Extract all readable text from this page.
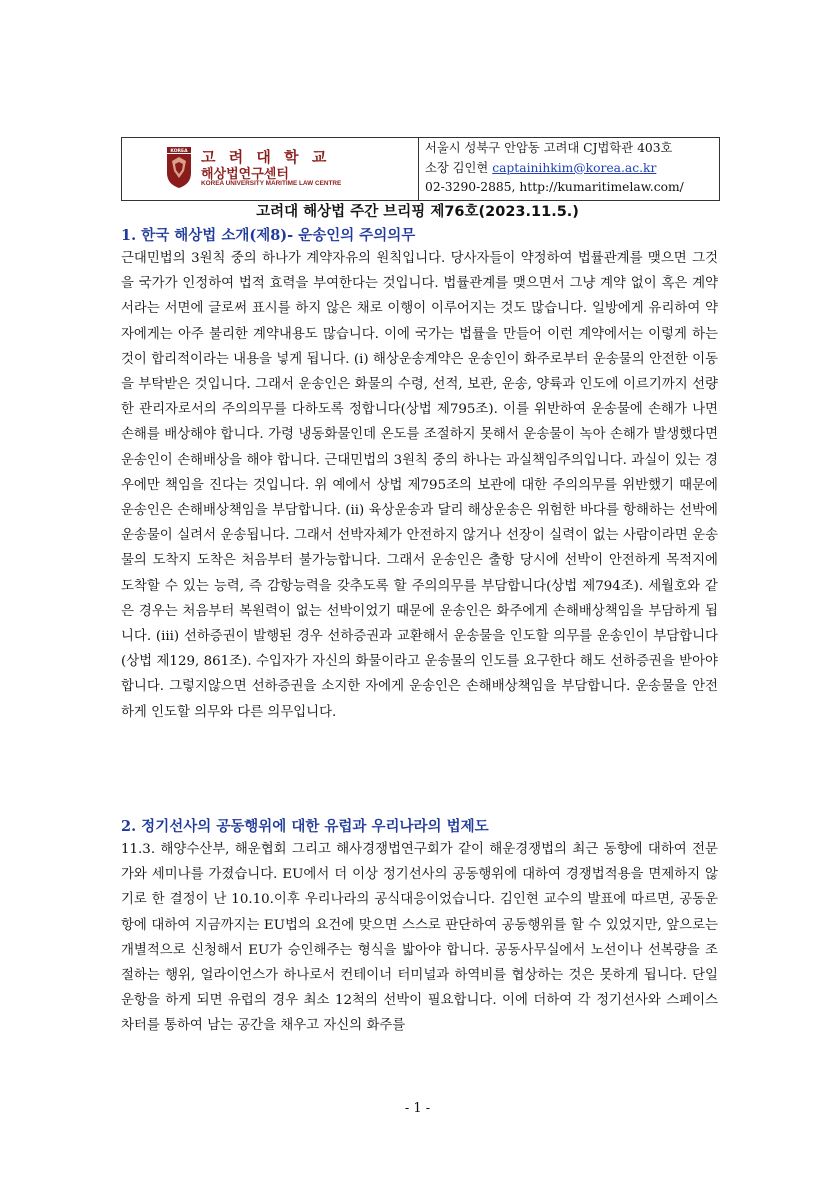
KOREA 고 려 대 학 교

해상법연구센터

KOREA UNIVERSITY MARITIME LAW CENTRE

서울시 성북구 안암동 고려대 CJ법학관 403호
소장 김인현 captainihkim@korea.ac.kr
02-3290-2885, http://kumaritimelaw.com/
고려대 해상법 주간 브리핑 제76호(2023.11.5.)
1. 한국 해상법 소개(제8)- 운송인의 주의의무

근대민법의 3원칙 중의 하나가 계약자유의 원칙입니다. 당사자들이 약정하여 법률관계를 맺으면 그것을 국가가 인정하여 법적 효력을 부여한다는 것입니다. 법률관계를 맺으면서 그냥 계약 없이 혹은 계약서라는 서면에 글로써 표시를 하지 않은 채로 이행이 이루어지는 것도 많습니다. 일방에게 유리하여 약자에게는 아주 불리한 계약내용도 많습니다. 이에 국가는 법률을 만들어 이런 계약에서는 이렇게 하는 것이 합리적이라는 내용을 넣게 됩니다. (i) 해상운송계약은 운송인이 화주로부터 운송물의 안전한 이동을 부탁받은 것입니다. 그래서 운송인은 화물의 수령, 선적, 보관, 운송, 양륙과 인도에 이르기까지 선량한 관리자로서의 주의의무를 다하도록 정합니다(상법 제795조). 이를 위반하여 운송물에 손해가 나면 손해를 배상해야 합니다. 가령 냉동화물인데 온도를 조절하지 못해서 운송물이 녹아 손해가 발생했다면 운송인이 손해배상을 해야 합니다. 근대민법의 3원칙 중의 하나는 과실책임주의입니다. 과실이 있는 경우에만 책임을 진다는 것입니다. 위 예에서 상법 제795조의 보관에 대한 주의의무를 위반했기 때문에 운송인은 손해배상책임을 부담합니다. (ii) 육상운송과 달리 해상운송은 위험한 바다를 항해하는 선박에 운송물이 실려서 운송됩니다. 그래서 선박자체가 안전하지 않거나 선장이 실력이 없는 사람이라면 운송물의 도착지 도착은 처음부터 불가능합니다. 그래서 운송인은 출항 당시에 선박이 안전하게 목적지에 도착할 수 있는 능력, 즉 감항능력을 갖추도록 할 주의의무를 부담합니다(상법 제794조). 세월호와 같은 경우는 처음부터 복원력이 없는 선박이었기 때문에 운송인은 화주에게 손해배상책임을 부담하게 됩니다. (iii) 선하증권이 발행된 경우 선하증권과 교환해서 운송물을 인도할 의무를 운송인이 부담합니다(상법 제129, 861조). 수입자가 자신의 화물이라고 운송물의 인도를 요구한다 해도 선하증권을 받아야 합니다. 그렇지않으면 선하증권을 소지한 자에게 운송인은 손해배상책임을 부담합니다. 운송물을 안전하게 인도할 의무와 다른 의무입니다.

2. 정기선사의 공동행위에 대한 유럽과 우리나라의 법제도

11.3. 해양수산부, 해운협회 그리고 해사경쟁법연구회가 같이 해운경쟁법의 최근 동향에 대하여 전문가와 세미나를 가졌습니다. EU에서 더 이상 정기선사의 공동행위에 대하여 경쟁법적용을 면제하지 않기로 한 결정이 난 10.10.이후 우리나라의 공식대응이었습니다. 김인현 교수의 발표에 따르면, 공동운항에 대하여 지금까지는 EU법의 요건에 맞으면 스스로 판단하여 공동행위를 할 수 있었지만, 앞으로는 개별적으로 신청해서 EU가 승인해주는 형식을 밟아야 합니다. 공동사무실에서 노선이나 선복량을 조절하는 행위, 얼라이언스가 하나로서 컨테이너 터미널과 하역비를 협상하는 것은 못하게 됩니다. 단일운항을 하게 되면 유럽의 경우 최소 12척의 선박이 필요합니다. 이에 더하여 각 정기선사와 스페이스 차터를 통하여 남는 공간을 채우고 자신의 화주를

- 1 -
